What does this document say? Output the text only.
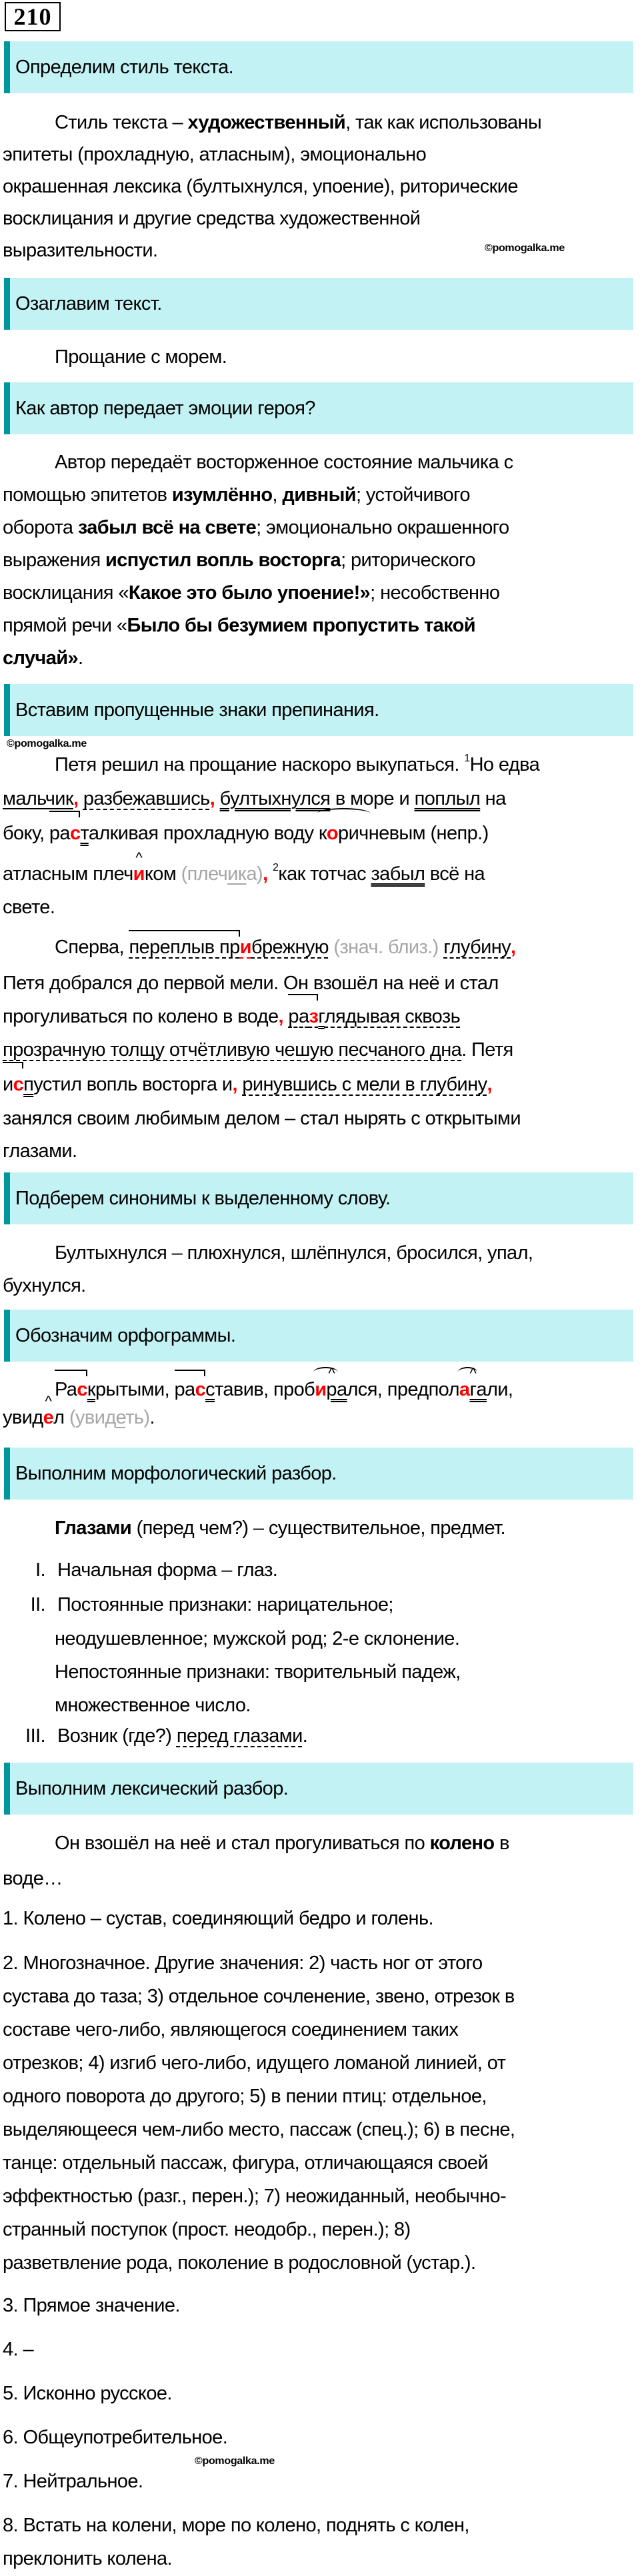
210
Определим стиль текста.
Стиль текста – художественный, так как использованы
эпитеты (прохладную, атласным), эмоционально
окрашенная лексика (бултыхнулся, упоение), риторические
восклицания и другие средства художественной
выразительности.	©pomogalka.me
Озаглавим текст.
Прощание с морем.
Как автор передает эмоции героя?
Автор передаёт восторженное состояние мальчика с
помощью эпитетов изумлённо, дивный; устойчивого
оборота забыл всё на свете; эмоционально окрашенного
выражения испустил вопль восторга; риторического
восклицания «Какое это было упоение!»; несобственно
прямой речи «Было бы безумием пропустить такой
случай».
Вставим пропущенные знаки препинания.
©pomogalka.me
Петя решил на прощание наскоро выкупаться. $^1$Но едва
мальчик, разбежавшись, бултыхнулся в море и поплыл на
боку, расталкивая прохладную воду коричневым (непр.)
атласным плечи ^ком (плечика), $^2$как тотчас забыл всё на
свете.
Сперва, переплыв прибрежную (знач. близ.) глубину,
Петя добрался до первой мели. Он взошёл на неё и стал
прогуливаться по колено в воде, разглядывая сквозь
прозрачную толщу отчётливую чешую песчаного дна. Петя
испустил вопль восторга и, ринувшись с мели в глубину,
занялся своим любимым делом – стал нырять с открытыми
глазами.
Подберем синонимы к выделенному слову.
Бултыхнулся – плюхнулся, шлёпнулся, бросился, упал,
бухнулся.
Обозначим орфограммы.
Раскрытыми, расставив, пробир ^ался, предполаг ^али,
увиде ^л (увидеть).
Выполним морфологический разбор.
Глазами (перед чем?) – существительное, предмет.
I. Начальная форма – глаз.
II. Постоянные признаки: нарицательное;
неодушевленное; мужской род; 2-е склонение.
Непостоянные признаки: творительный падеж,
множественное число.
III. Возник (где?) перед глазами.
Выполним лексический разбор.
Он взошёл на неё и стал прогуливаться по колено в
воде…
1. Колено – сустав, соединяющий бедро и голень.
2. Многозначное. Другие значения: 2) часть ног от этого
сустава до таза; 3) отдельное сочленение, звено, отрезок в
составе чего-либо, являющегося соединением таких
отрезков; 4) изгиб чего-либо, идущего ломаной линией, от
одного поворота до другого; 5) в пении птиц: отдельное,
выделяющееся чем-либо место, пассаж (спец.); 6) в песне,
танце: отдельный пассаж, фигура, отличающаяся своей
эффектностью (разг., перен.); 7) неожиданный, необычно-
странный поступок (прост. неодобр., перен.); 8)
разветвление рода, поколение в родословной (устар.).
3. Прямое значение.
4. –
5. Исконно русское.
6. Общеупотребительное.
©pomogalka.me
7. Нейтральное.
8. Встать на колени, море по колено, поднять с колен,
преклонить колена.
